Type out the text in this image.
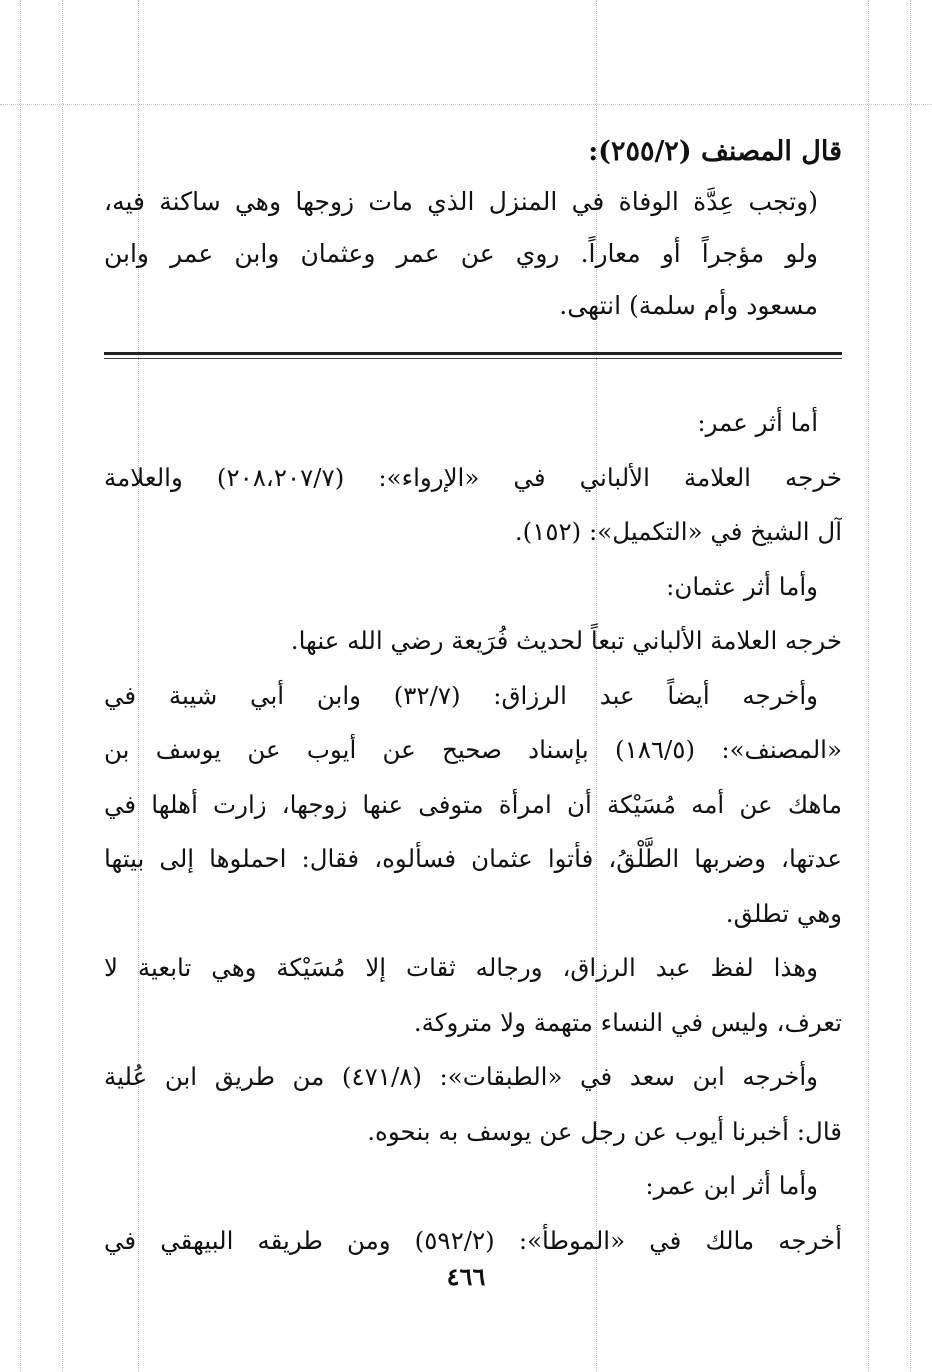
قال المصنف (٢٥٥/٢):

(وتجب عِدَّة الوفاة في المنزل الذي مات زوجها وهي ساكنة فيه،

ولو مؤجراً أو معاراً. روي عن عمر وعثمان وابن عمر وابن

مسعود وأم سلمة) انتهى.

أما أثر عمر:

خرجه العلامة الألباني في «الإرواء»: (٢٠٨،٢٠٧/٧) والعلامة

آل الشيخ في «التكميل»: (١٥٢).

وأما أثر عثمان:

خرجه العلامة الألباني تبعاً لحديث فُرَيعة رضي الله عنها.

وأخرجه أيضاً عبد الرزاق: (٣٢/٧) وابن أبي شيبة في

«المصنف»: (١٨٦/٥) بإسناد صحيح عن أيوب عن يوسف بن

ماهك عن أمه مُسَيْكة أن امرأة متوفى عنها زوجها، زارت أهلها في

عدتها، وضربها الطَّلْقُ، فأتوا عثمان فسألوه، فقال: احملوها إلى بيتها

وهي تطلق.

وهذا لفظ عبد الرزاق، ورجاله ثقات إلا مُسَيْكة وهي تابعية لا

تعرف، وليس في النساء متهمة ولا متروكة.

وأخرجه ابن سعد في «الطبقات»: (٤٧١/٨) من طريق ابن عُلية

قال: أخبرنا أيوب عن رجل عن يوسف به بنحوه.

وأما أثر ابن عمر:

أخرجه مالك في «الموطأ»: (٥٩٢/٢) ومن طريقه البيهقي في

٤٦٦
